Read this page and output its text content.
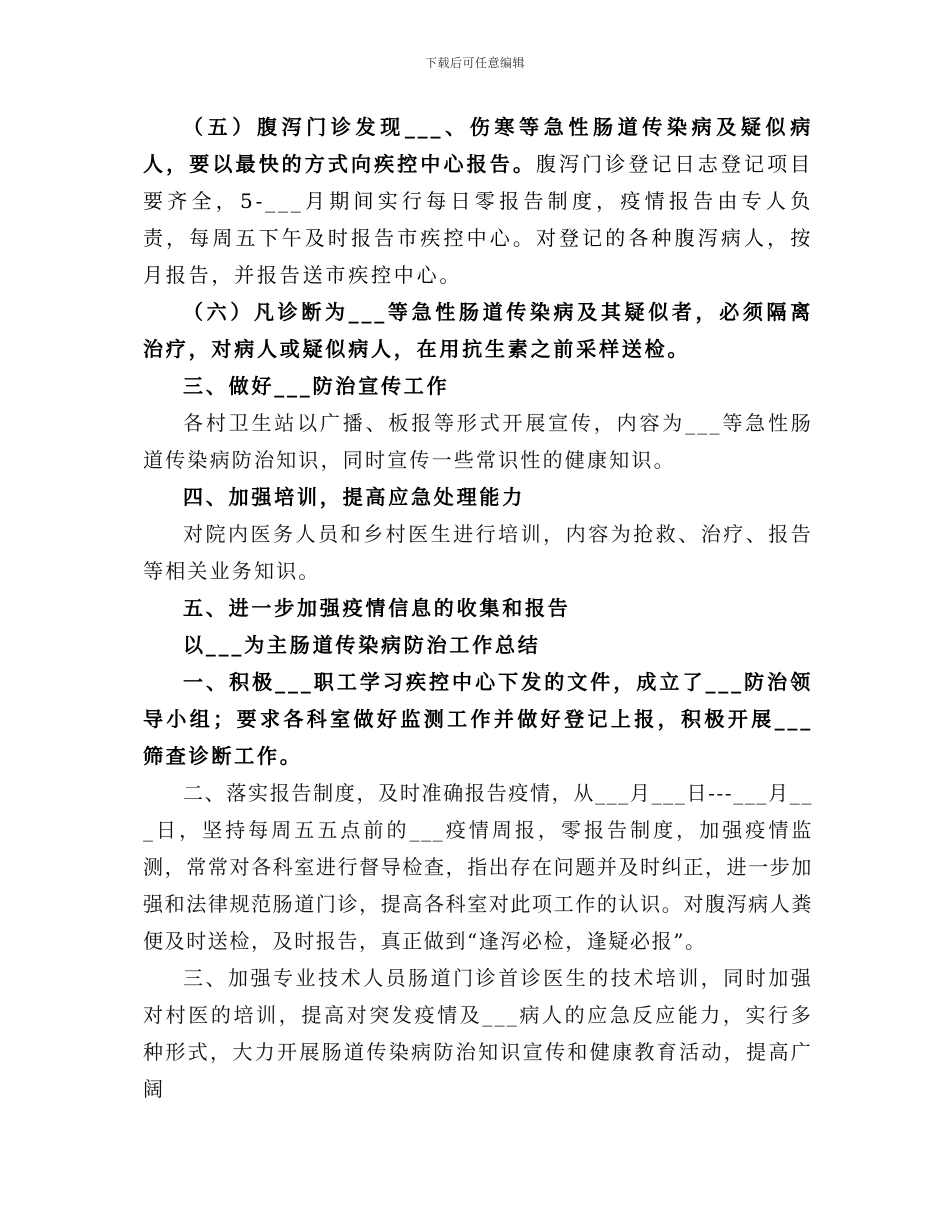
下载后可任意编辑

（五）腹泻门诊发现___、伤寒等急性肠道传染病及疑似病人，要以最快的方式向疾控中心报告。腹泻门诊登记日志登记项目要齐全，5-___月期间实行每日零报告制度，疫情报告由专人负责，每周五下午及时报告市疾控中心。对登记的各种腹泻病人，按月报告，并报告送市疾控中心。

（六）凡诊断为___等急性肠道传染病及其疑似者，必须隔离治疗，对病人或疑似病人，在用抗生素之前采样送检。

三、做好___防治宣传工作

各村卫生站以广播、板报等形式开展宣传，内容为___等急性肠道传染病防治知识，同时宣传一些常识性的健康知识。

四、加强培训，提高应急处理能力

对院内医务人员和乡村医生进行培训，内容为抢救、治疗、报告等相关业务知识。

五、进一步加强疫情信息的收集和报告

以___为主肠道传染病防治工作总结

一、积极___职工学习疾控中心下发的文件，成立了___防治领导小组；要求各科室做好监测工作并做好登记上报，积极开展___筛查诊断工作。

二、落实报告制度，及时准确报告疫情，从___月___日---___月___日，坚持每周五五点前的___疫情周报，零报告制度，加强疫情监测，常常对各科室进行督导检查，指出存在问题并及时纠正，进一步加强和法律规范肠道门诊，提高各科室对此项工作的认识。对腹泻病人粪便及时送检，及时报告，真正做到“逢泻必检，逢疑必报”。

三、加强专业技术人员肠道门诊首诊医生的技术培训，同时加强对村医的培训，提高对突发疫情及___病人的应急反应能力，实行多种形式，大力开展肠道传染病防治知识宣传和健康教育活动，提高广阔
